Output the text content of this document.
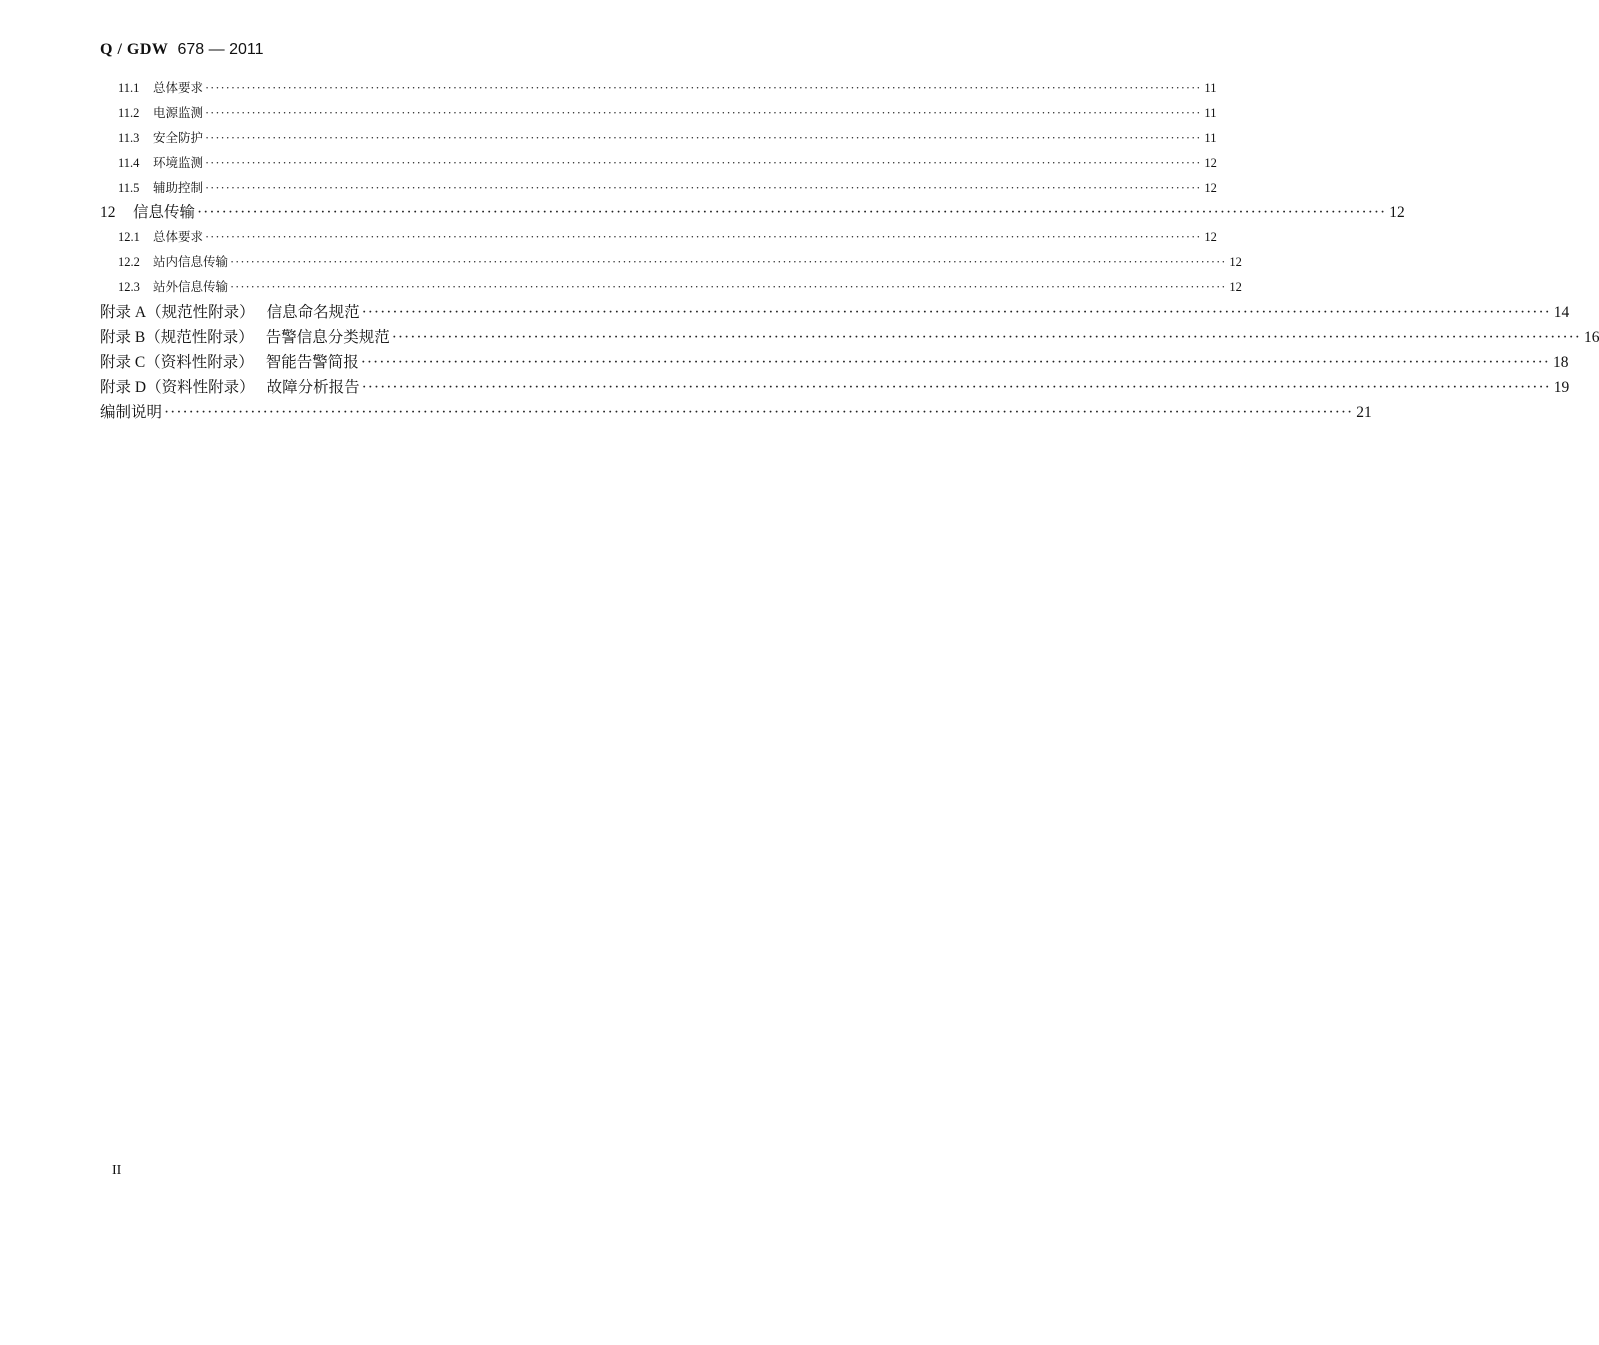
Q / GDW 678 — 2011
11.1	总体要求 ································································································································································································· 11
11.2	电源监测 ································································································································································································· 11
11.3	安全防护 ································································································································································································· 11
11.4	环境监测 ································································································································································································· 12
11.5	辅助控制 ································································································································································································· 12
12	信息传输 ································································································································································································· 12
12.1	总体要求 ································································································································································································· 12
12.2	站内信息传输 ································································································································································································· 12
12.3	站外信息传输 ································································································································································································· 12
附录 A（规范性附录） 信息命名规范 ································································································································································································· 14
附录 B（规范性附录） 告警信息分类规范 ································································································································································································· 16
附录 C（资料性附录） 智能告警简报 ································································································································································································· 18
附录 D（资料性附录） 故障分析报告 ································································································································································································· 19
编制说明 ································································································································································································· 21
II
